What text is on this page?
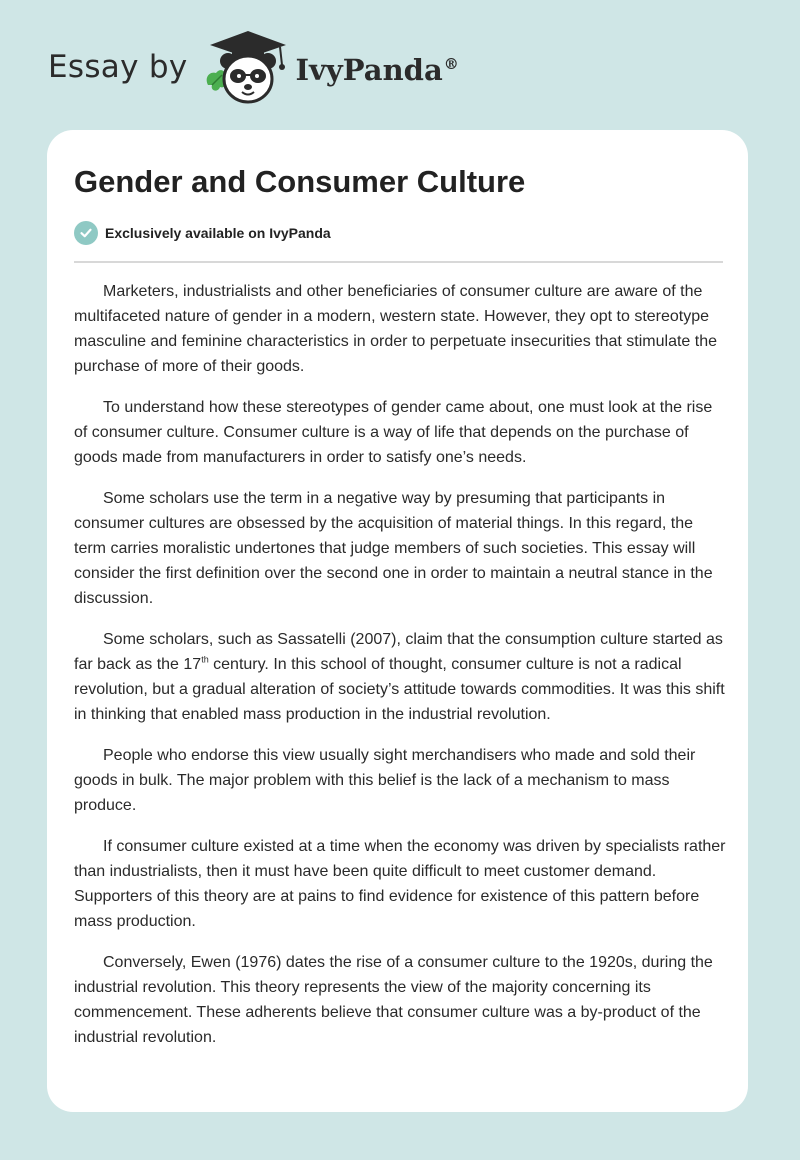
Essay by	IvyPanda®
Gender and Consumer Culture
Exclusively available on IvyPanda

Marketers, industrialists and other beneficiaries of consumer culture are aware of the multifaceted nature of gender in a modern, western state. However, they opt to stereotype masculine and feminine characteristics in order to perpetuate insecurities that stimulate the purchase of more of their goods.

To understand how these stereotypes of gender came about, one must look at the rise of consumer culture. Consumer culture is a way of life that depends on the purchase of goods made from manufacturers in order to satisfy one’s needs.

Some scholars use the term in a negative way by presuming that participants in consumer cultures are obsessed by the acquisition of material things. In this regard, the term carries moralistic undertones that judge members of such societies. This essay will consider the first definition over the second one in order to maintain a neutral stance in the discussion.

Some scholars, such as Sassatelli (2007), claim that the consumption culture started as far back as the 17th century. In this school of thought, consumer culture is not a radical revolution, but a gradual alteration of society’s attitude towards commodities. It was this shift in thinking that enabled mass production in the industrial revolution.

People who endorse this view usually sight merchandisers who made and sold their goods in bulk. The major problem with this belief is the lack of a mechanism to mass produce.

If consumer culture existed at a time when the economy was driven by specialists rather than industrialists, then it must have been quite difficult to meet customer demand. Supporters of this theory are at pains to find evidence for existence of this pattern before mass production.

Conversely, Ewen (1976) dates the rise of a consumer culture to the 1920s, during the industrial revolution. This theory represents the view of the majority concerning its commencement. These adherents believe that consumer culture was a by-product of the industrial revolution.
